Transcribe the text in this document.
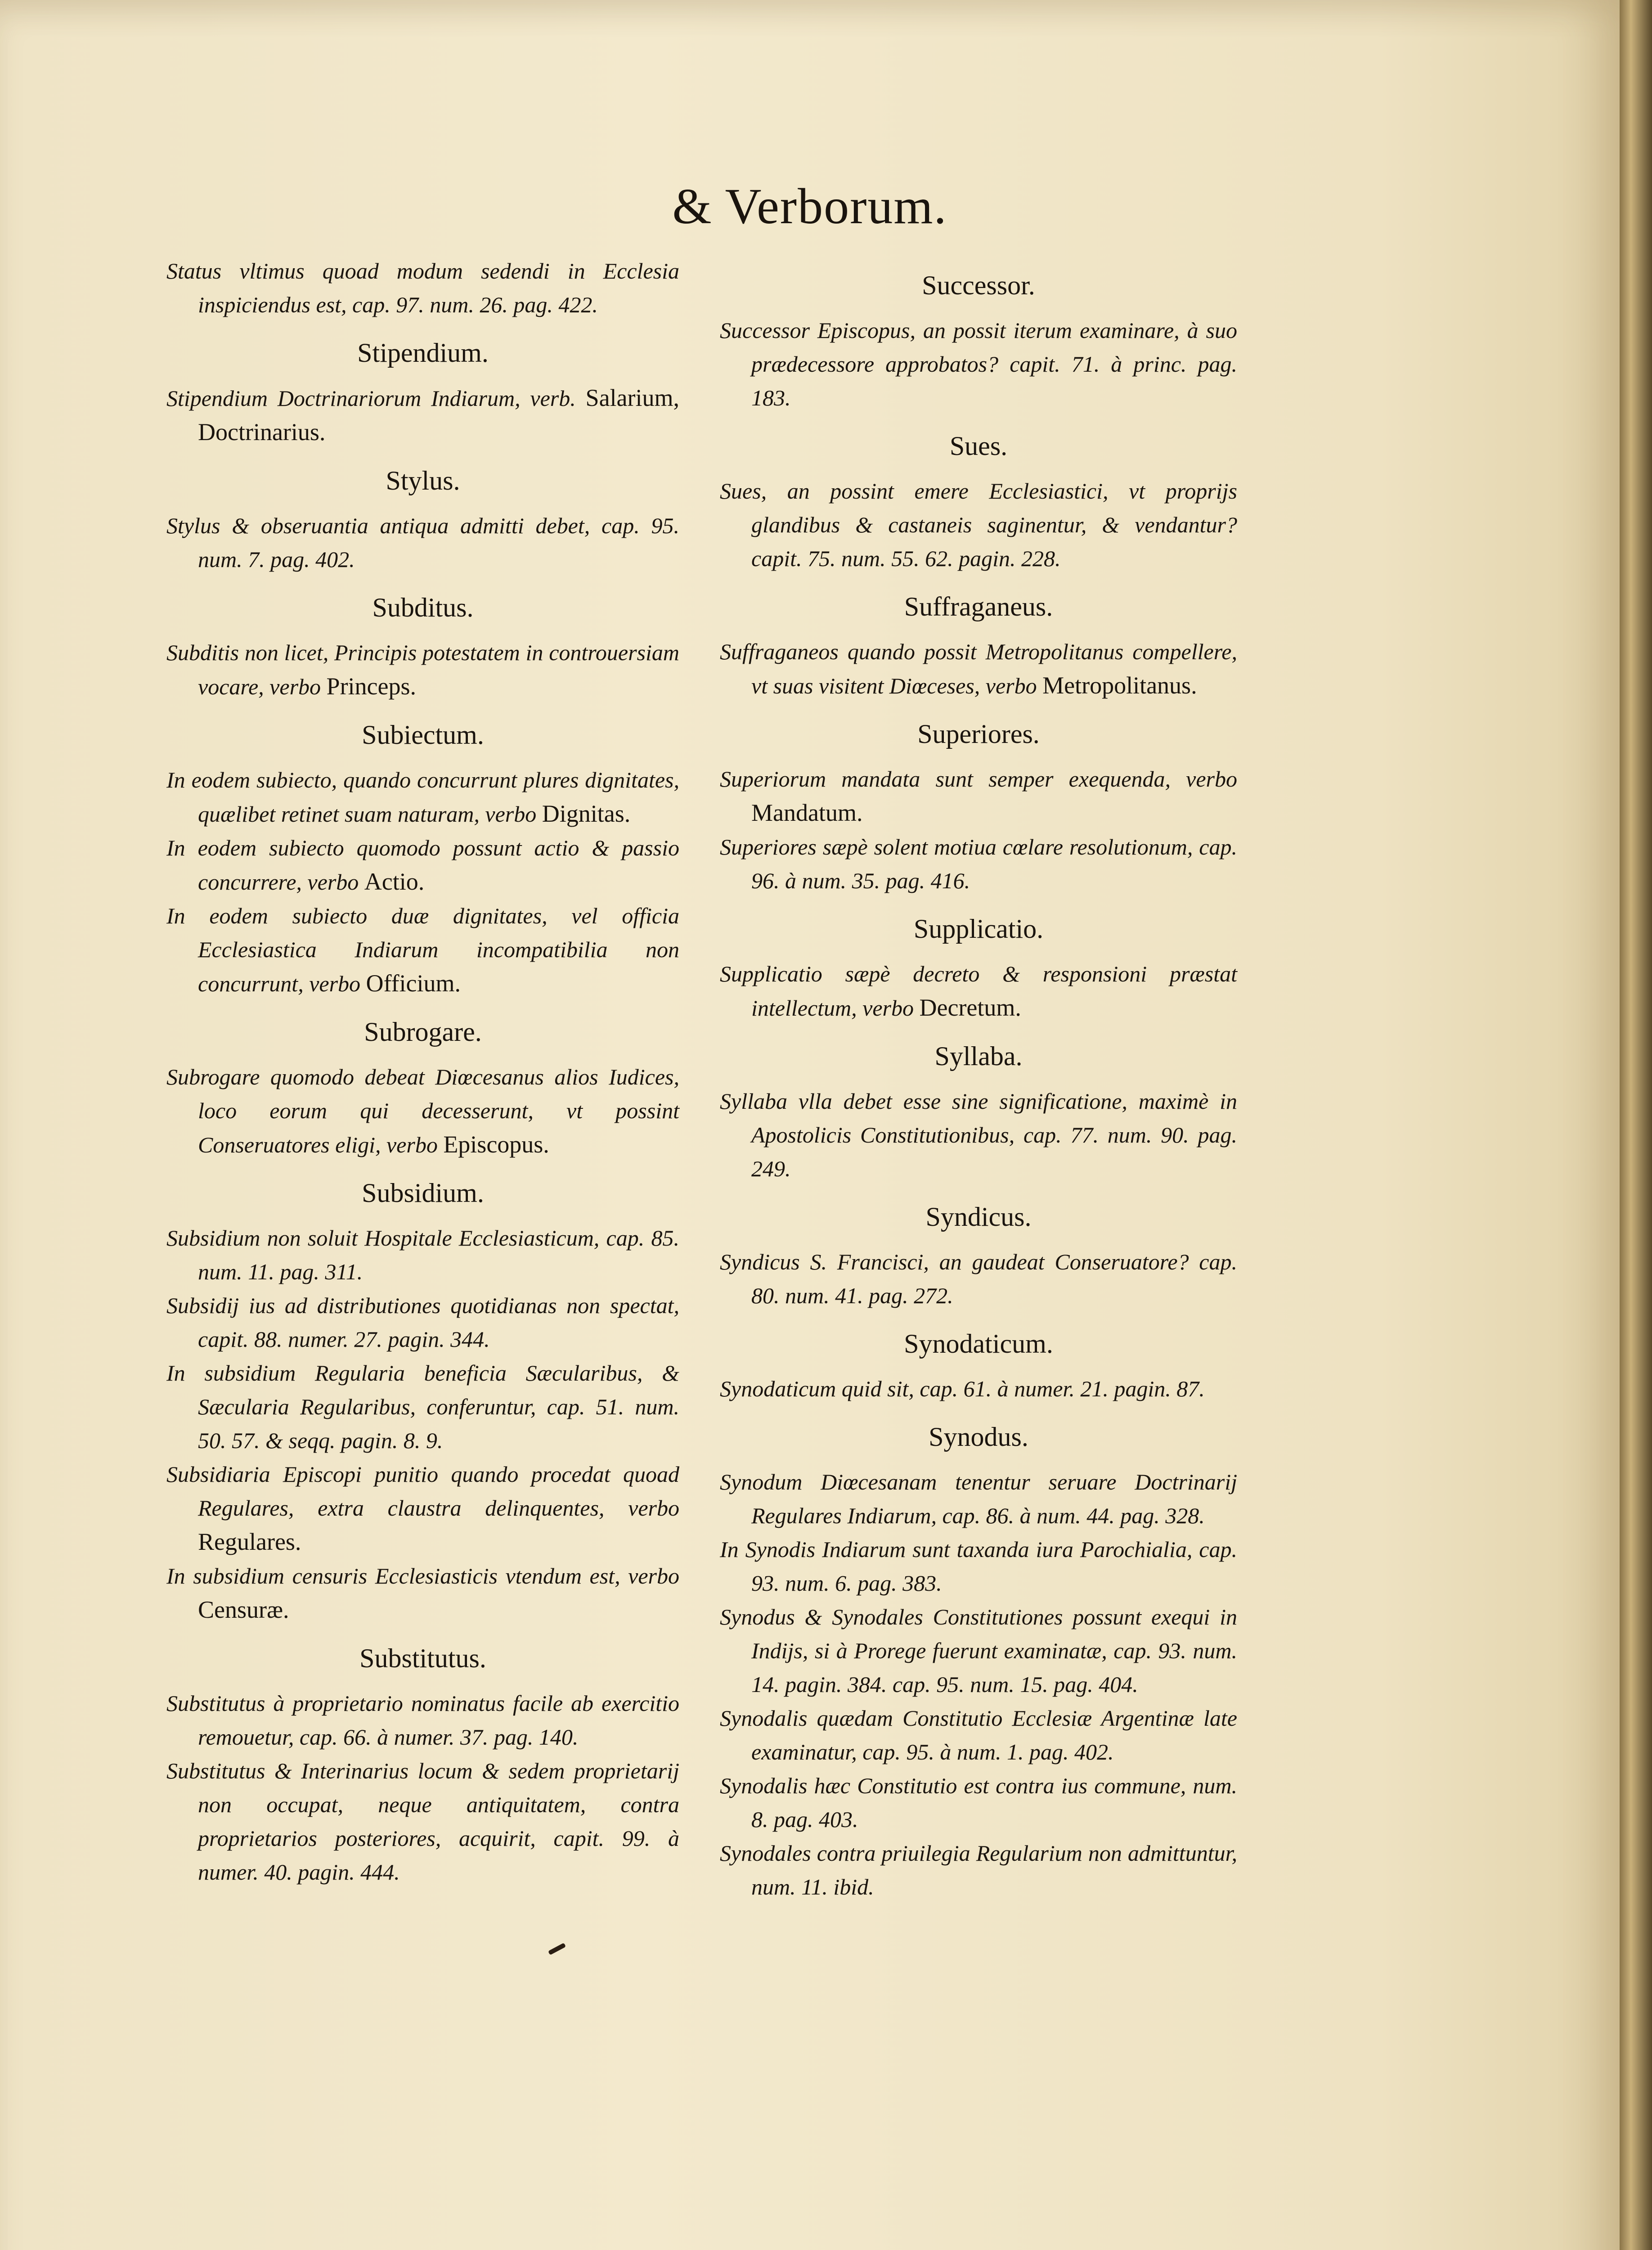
& Verborum.
Status vltimus quoad modum sedendi in Ecclesia inspiciendus est, cap. 97. num. 26. pag. 422.
Stipendium.
Stipendium Doctrinariorum Indiarum, verb. Salarium, Doctrinarius.
Stylus.
Stylus & obseruantia antiqua admitti debet, cap. 95. num. 7. pag. 402.
Subditus.
Subditis non licet, Principis potestatem in controuersiam vocare, verbo Princeps.
Subiectum.
In eodem subiecto, quando concurrunt plures dignitates, quælibet retinet suam naturam, verbo Dignitas.
In eodem subiecto quomodo possunt actio & passio concurrere, verbo Actio.
In eodem subiecto duæ dignitates, vel officia Ecclesiastica Indiarum incompatibilia non concurrunt, verbo Officium.
Subrogare.
Subrogare quomodo debeat Diœcesanus alios Iudices, loco eorum qui decesserunt, vt possint Conseruatores eligi, verbo Episcopus.
Subsidium.
Subsidium non soluit Hospitale Ecclesiasticum, cap. 85. num. 11. pag. 311.
Subsidij ius ad distributiones quotidianas non spectat, capit. 88. numer. 27. pagin. 344.
In subsidium Regularia beneficia Sæcularibus, & Sæcularia Regularibus, conferuntur, cap. 51. num. 50. 57. & seqq. pagin. 8. 9.
Subsidiaria Episcopi punitio quando procedat quoad Regulares, extra claustra delinquentes, verbo Regulares.
In subsidium censuris Ecclesiasticis vtendum est, verbo Censuræ.
Substitutus.
Substitutus à proprietario nominatus facile ab exercitio remouetur, cap. 66. à numer. 37. pag. 140.
Substitutus & Interinarius locum & sedem proprietarij non occupat, neque antiquitatem, contra proprietarios posteriores, acquirit, capit. 99. à numer. 40. pagin. 444.
Successor.
Successor Episcopus, an possit iterum examinare, à suo prædecessore approbatos? capit. 71. à princ. pag. 183.
Sues.
Sues, an possint emere Ecclesiastici, vt proprijs glandibus & castaneis saginentur, & vendantur? capit. 75. num. 55. 62. pagin. 228.
Suffraganeus.
Suffraganeos quando possit Metropolitanus compellere, vt suas visitent Diœceses, verbo Metropolitanus.
Superiores.
Superiorum mandata sunt semper exequenda, verbo Mandatum.
Superiores sæpè solent motiua cœlare resolutionum, cap. 96. à num. 35. pag. 416.
Supplicatio.
Supplicatio sæpè decreto & responsioni præstat intellectum, verbo Decretum.
Syllaba.
Syllaba vlla debet esse sine significatione, maximè in Apostolicis Constitutionibus, cap. 77. num. 90. pag. 249.
Syndicus.
Syndicus S. Francisci, an gaudeat Conseruatore? cap. 80. num. 41. pag. 272.
Synodaticum.
Synodaticum quid sit, cap. 61. à numer. 21. pagin. 87.
Synodus.
Synodum Diœcesanam tenentur seruare Doctrinarij Regulares Indiarum, cap. 86. à num. 44. pag. 328.
In Synodis Indiarum sunt taxanda iura Parochialia, cap. 93. num. 6. pag. 383.
Synodus & Synodales Constitutiones possunt exequi in Indijs, si à Prorege fuerunt examinatæ, cap. 93. num. 14. pagin. 384. cap. 95. num. 15. pag. 404.
Synodalis quædam Constitutio Ecclesiæ Argentinæ late examinatur, cap. 95. à num. 1. pag. 402.
Synodalis hæc Constitutio est contra ius commune, num. 8. pag. 403.
Synodales contra priuilegia Regularium non admittuntur, num. 11. ibid.
